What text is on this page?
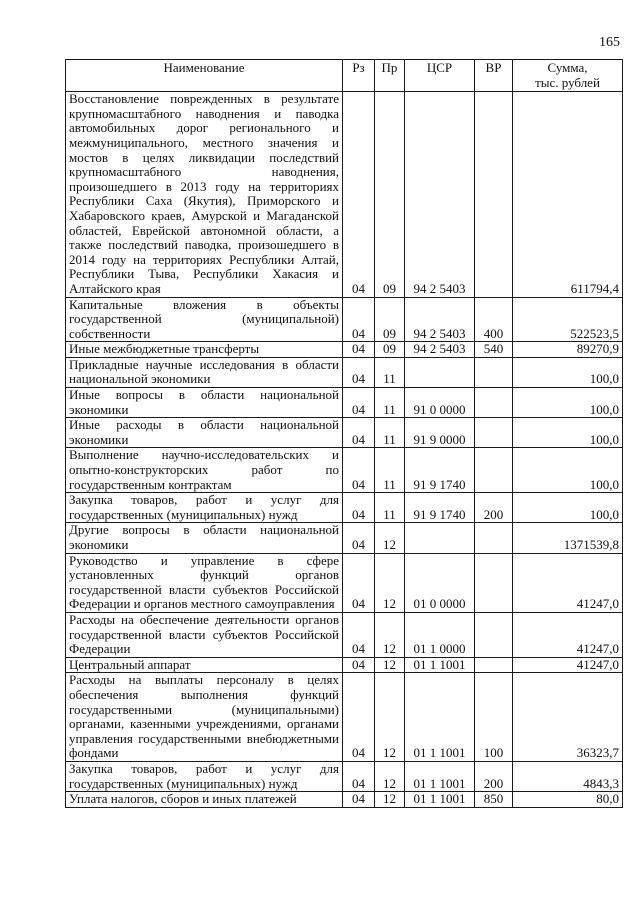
165
Наименование	Рз	Пр	ЦСР	ВР	Сумма,
тыс. рублей
Восстановление поврежденных в результате крупномасштабного наводнения и паводка автомобильных дорог регионального и межмуниципального, местного значения и мостов в целях ликвидации последствий крупномасштабного наводнения, произошедшего в 2013 году на территориях Республики Саха (Якутия), Приморского и Хабаровского краев, Амурской и Магаданской областей, Еврейской автономной области, а также последствий паводка, произошедшего в 2014 году на территориях Республики Алтай, Республики Тыва, Республики Хакасия и Алтайского края	04	09	94 2 5403		611794,4
Капитальные вложения в объекты государственной (муниципальной) собственности	04	09	94 2 5403	400	522523,5
Иные межбюджетные трансферты	04	09	94 2 5403	540	89270,9
Прикладные научные исследования в области национальной экономики	04	11			100,0
Иные вопросы в области национальной экономики	04	11	91 0 0000		100,0
Иные расходы в области национальной экономики	04	11	91 9 0000		100,0
Выполнение научно-исследовательских и опытно-конструкторских работ по государственным контрактам	04	11	91 9 1740		100,0
Закупка товаров, работ и услуг для государственных (муниципальных) нужд	04	11	91 9 1740	200	100,0
Другие вопросы в области национальной экономики	04	12			1371539,8
Руководство и управление в сфере установленных функций органов государственной власти субъектов Российской Федерации и органов местного самоуправления	04	12	01 0 0000		41247,0
Расходы на обеспечение деятельности органов государственной власти субъектов Российской Федерации	04	12	01 1 0000		41247,0
Центральный аппарат	04	12	01 1 1001		41247,0
Расходы на выплаты персоналу в целях обеспечения выполнения функций государственными (муниципальными) органами, казенными учреждениями, органами управления государственными внебюджетными фондами	04	12	01 1 1001	100	36323,7
Закупка товаров, работ и услуг для государственных (муниципальных) нужд	04	12	01 1 1001	200	4843,3
Уплата налогов, сборов и иных платежей	04	12	01 1 1001	850	80,0
